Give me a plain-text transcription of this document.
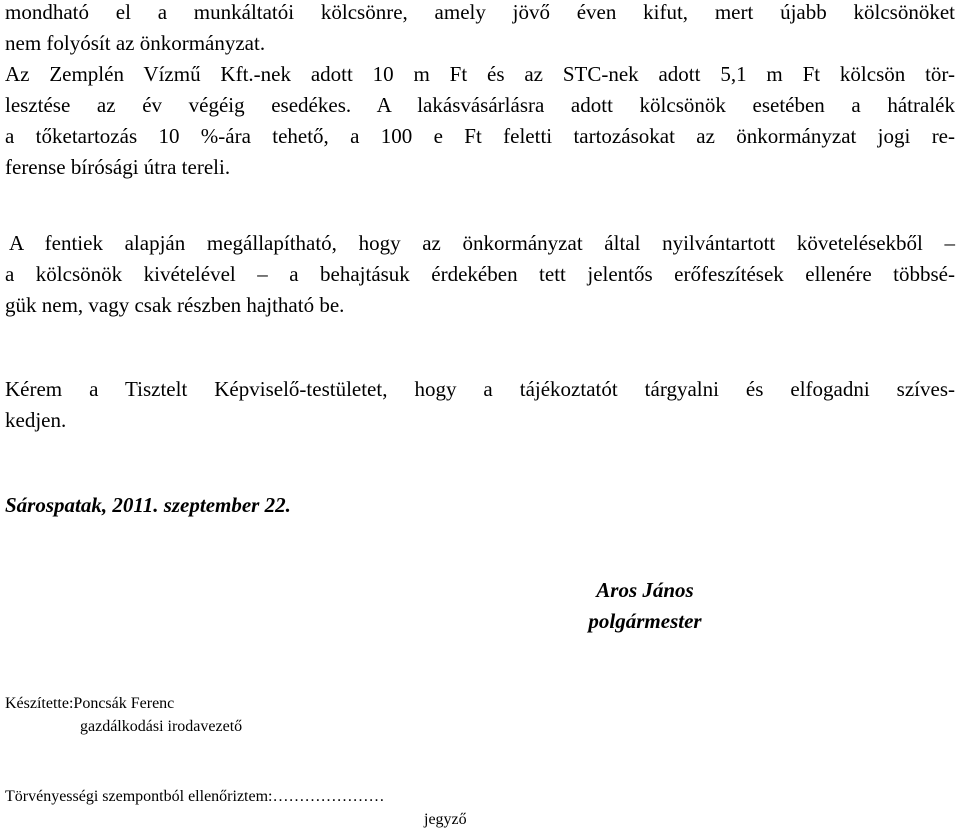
mondható el a munkáltatói kölcsönre, amely jövő éven kifut, mert újabb kölcsönöket
nem folyósít az önkormányzat.
Az Zemplén Vízmű Kft.-nek adott 10 m Ft és az STC-nek adott 5,1 m Ft kölcsön tör-
lesztése az év végéig esedékes. A lakásvásárlásra adott kölcsönök esetében a hátralék
a tőketartozás 10 %-ára tehető, a 100 e Ft feletti tartozásokat az önkormányzat jogi re-
ferense bírósági útra tereli.
A fentiek alapján megállapítható, hogy az önkormányzat által nyilvántartott követelésekből –
a kölcsönök kivételével – a behajtásuk érdekében tett jelentős erőfeszítések ellenére többsé-
gük nem, vagy csak részben hajtható be.
Kérem a Tisztelt Képviselő-testületet, hogy a tájékoztatót tárgyalni és elfogadni szíves-
kedjen.
Sárospatak, 2011. szeptember 22.
Aros János
polgármester
Készítette:Poncsák Ferenc
gazdálkodási irodavezető
Törvényességi szempontból ellenőriztem:…………………
jegyző
